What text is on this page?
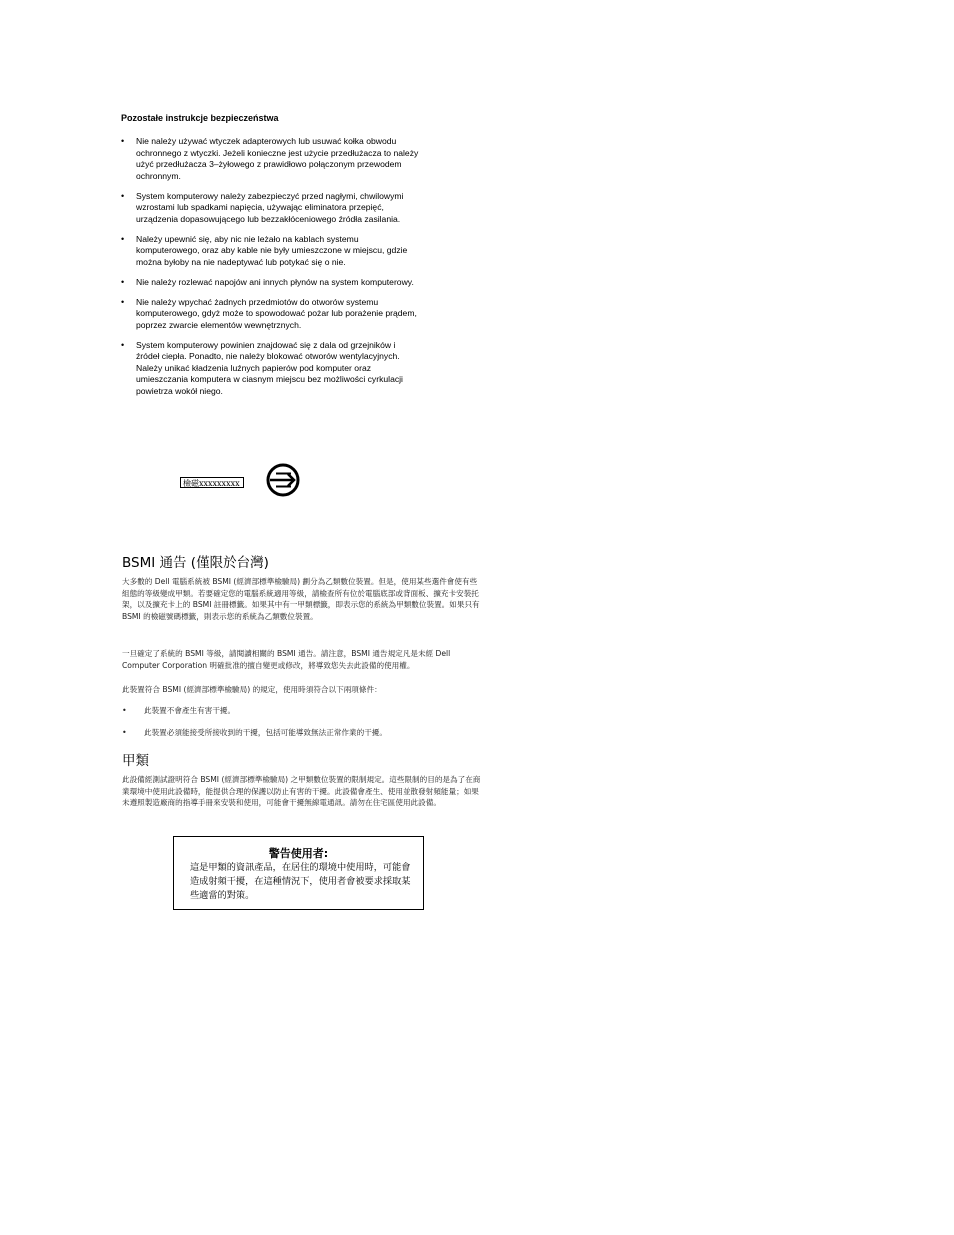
Pozostałe instrukcje bezpieczeństwa
• Nie należy używać wtyczek adapterowych lub usuwać kołka obwodu ochronnego z wtyczki. Jeżeli konieczne jest użycie przedłużacza to należy użyć przedłużacza 3–żyłowego z prawidłowo połączonym przewodem ochronnym.
• System komputerowy należy zabezpieczyć przed nagłymi, chwilowymi wzrostami lub spadkami napięcia, używając eliminatora przepięć, urządzenia dopasowującego lub bezzakłóceniowego źródła zasilania.
• Należy upewnić się, aby nic nie leżało na kablach systemu komputerowego, oraz aby kable nie były umieszczone w miejscu, gdzie można byłoby na nie nadeptywać lub potykać się o nie.
• Nie należy rozlewać napojów ani innych płynów na system komputerowy.
• Nie należy wpychać żadnych przedmiotów do otworów systemu komputerowego, gdyż może to spowodować pożar lub porażenie prądem, poprzez zwarcie elementów wewnętrznych.
• System komputerowy powinien znajdować się z dala od grzejników i źródeł ciepła. Ponadto, nie należy blokować otworów wentylacyjnych. Należy unikać kładzenia luźnych papierów pod komputer oraz umieszczania komputera w ciasnym miejscu bez możliwości cyrkulacji powietrza wokół niego.
檢磁xxxxxxxxx
BSMI 通告 (僅限於台灣)

大多數的 Dell 電腦系統被 BSMI (經濟部標準檢驗局) 劃分為乙類數位裝置。但是，使用某些選件會使有些組態的等級變成甲類。若要確定您的電腦系統適用等級，請檢查所有位於電腦底部或背面板、擴充卡安裝托架，以及擴充卡上的 BSMI 註冊標籤。如果其中有一甲類標籤，即表示您的系統為甲類數位裝置。如果只有 BSMI 的檢磁號碼標籤，則表示您的系統為乙類數位裝置。

一旦確定了系統的 BSMI 等級，請閱讀相關的 BSMI 通告。請注意，BSMI 通告規定凡是未經 Dell Computer Corporation 明確批准的擅自變更或修改，將導致您失去此設備的使用權。

此裝置符合 BSMI (經濟部標準檢驗局) 的規定，使用時須符合以下兩項條件：

• 此裝置不會產生有害干擾。
• 此裝置必須能接受所接收到的干擾，包括可能導致無法正常作業的干擾。
甲類

此設備經測試證明符合 BSMI (經濟部標準檢驗局) 之甲類數位裝置的限制規定。這些限制的目的是為了在商業環境中使用此設備時，能提供合理的保護以防止有害的干擾。此設備會產生、使用並散發射頻能量；如果未遵照製造廠商的指導手冊來安裝和使用，可能會干擾無線電通訊。請勿在住宅區使用此設備。

警告使用者:
這是甲類的資訊產品，在居住的環境中使用時，可能會造成射頻干擾，在這種情況下，使用者會被要求採取某些適當的對策。
